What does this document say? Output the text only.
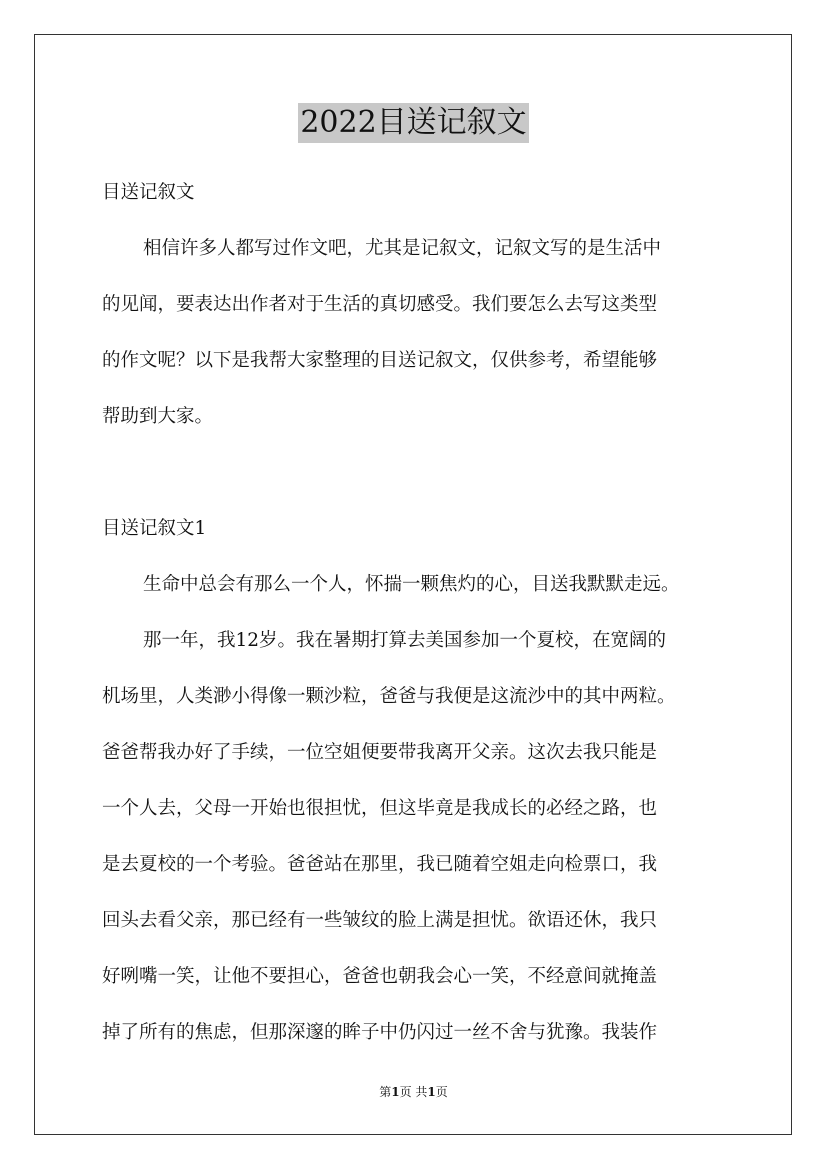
2022目送记叙文
目送记叙文
相信许多人都写过作文吧，尤其是记叙文，记叙文写的是生活中
的见闻，要表达出作者对于生活的真切感受。我们要怎么去写这类型
的作文呢？以下是我帮大家整理的目送记叙文，仅供参考，希望能够
帮助到大家。
目送记叙文1
生命中总会有那么一个人，怀揣一颗焦灼的心，目送我默默走远。
那一年，我12岁。我在暑期打算去美国参加一个夏校，在宽阔的
机场里，人类渺小得像一颗沙粒，爸爸与我便是这流沙中的其中两粒。
爸爸帮我办好了手续，一位空姐便要带我离开父亲。这次去我只能是
一个人去，父母一开始也很担忧，但这毕竟是我成长的必经之路，也
是去夏校的一个考验。爸爸站在那里，我已随着空姐走向检票口，我
回头去看父亲，那已经有一些皱纹的脸上满是担忧。欲语还休，我只
好咧嘴一笑，让他不要担心，爸爸也朝我会心一笑，不经意间就掩盖
掉了所有的焦虑，但那深邃的眸子中仍闪过一丝不舍与犹豫。我装作
第1页 共1页
